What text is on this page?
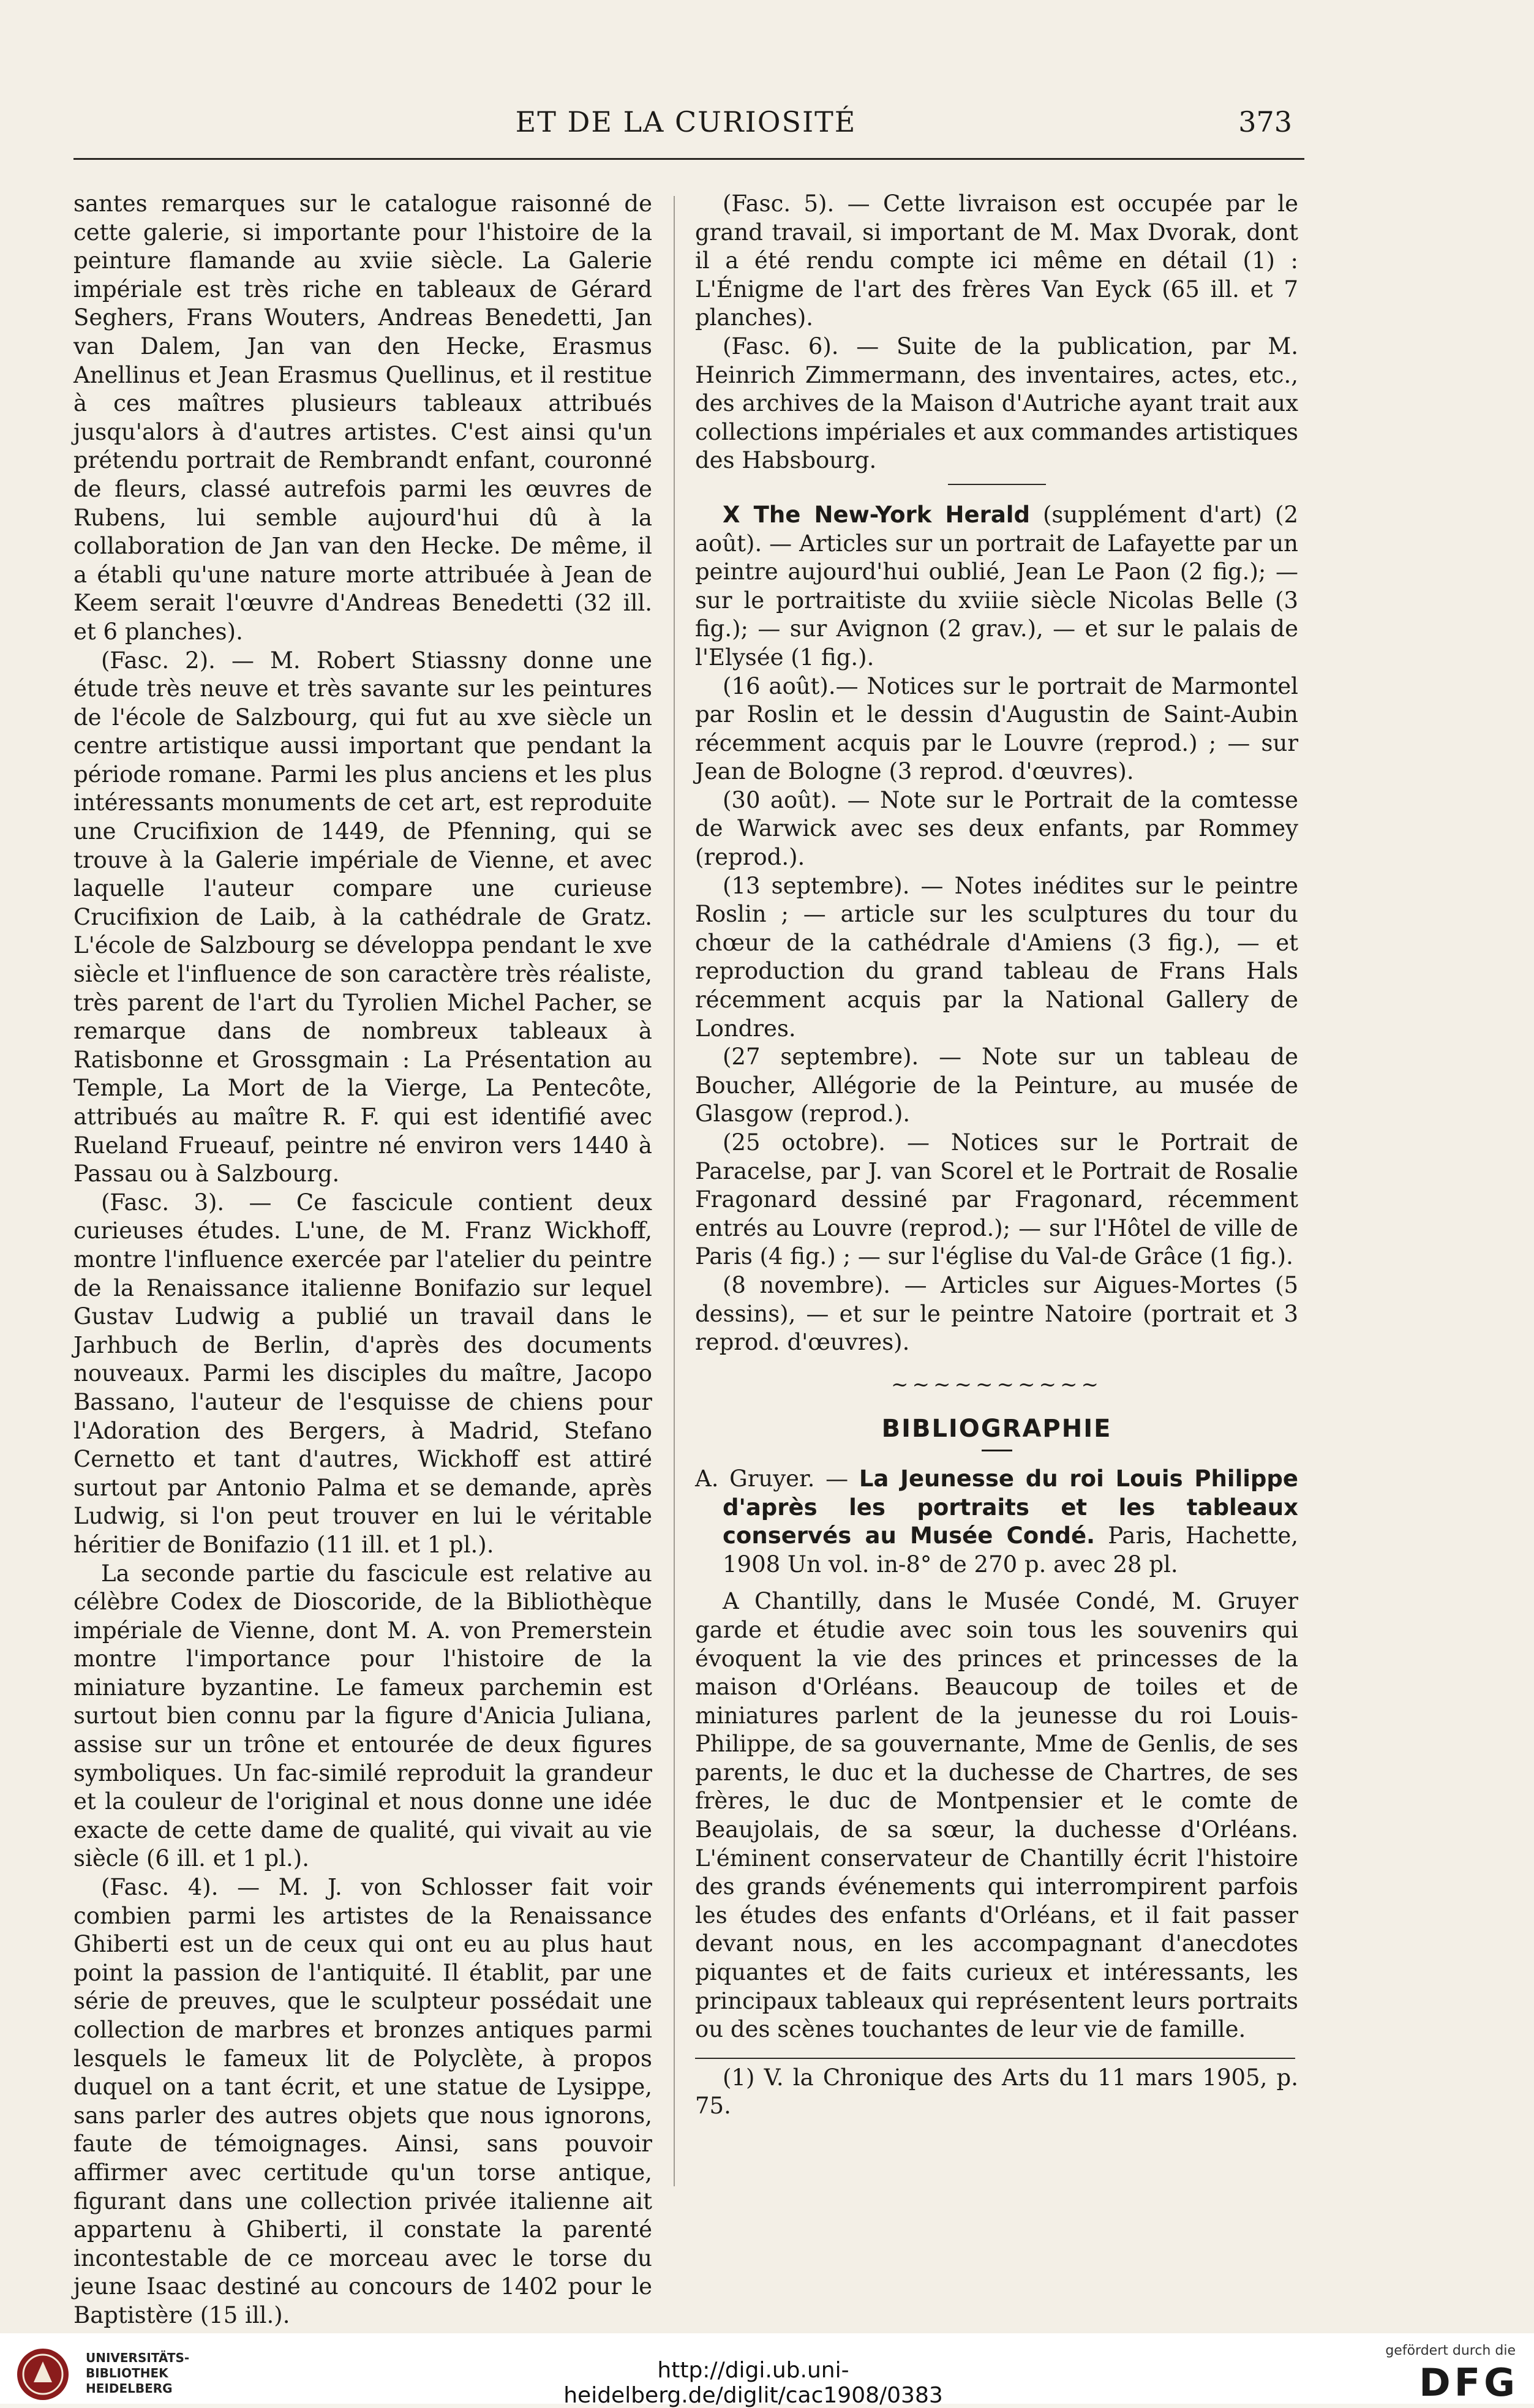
ET DE LA CURIOSITÉ	373

santes remarques sur le catalogue raisonné de cette galerie, si importante pour l'histoire de la peinture flamande au xviie siècle. La Galerie impériale est très riche en tableaux de Gérard Seghers, Frans Wouters, Andreas Benedetti, Jan van Dalem, Jan van den Hecke, Erasmus Anellinus et Jean Erasmus Quellinus, et il restitue à ces maîtres plusieurs tableaux attribués jusqu'alors à d'autres artistes. C'est ainsi qu'un prétendu portrait de Rembrandt enfant, couronné de fleurs, classé autrefois parmi les œuvres de Rubens, lui semble aujourd'hui dû à la collaboration de Jan van den Hecke. De même, il a établi qu'une nature morte attribuée à Jean de Keem serait l'œuvre d'Andreas Benedetti (32 ill. et 6 planches).

(Fasc. 2). — M. Robert Stiassny donne une étude très neuve et très savante sur les peintures de l'école de Salzbourg, qui fut au xve siècle un centre artistique aussi important que pendant la période romane. Parmi les plus anciens et les plus intéressants monuments de cet art, est reproduite une Crucifixion de 1449, de Pfenning, qui se trouve à la Galerie impériale de Vienne, et avec laquelle l'auteur compare une curieuse Crucifixion de Laib, à la cathédrale de Gratz. L'école de Salzbourg se développa pendant le xve siècle et l'influence de son caractère très réaliste, très parent de l'art du Tyrolien Michel Pacher, se remarque dans de nombreux tableaux à Ratisbonne et Grossgmain : La Présentation au Temple, La Mort de la Vierge, La Pentecôte, attribués au maître R. F. qui est identifié avec Rueland Frueauf, peintre né environ vers 1440 à Passau ou à Salzbourg.

(Fasc. 3). — Ce fascicule contient deux curieuses études. L'une, de M. Franz Wickhoff, montre l'influence exercée par l'atelier du peintre de la Renaissance italienne Bonifazio sur lequel Gustav Ludwig a publié un travail dans le Jarhbuch de Berlin, d'après des documents nouveaux. Parmi les disciples du maître, Jacopo Bassano, l'auteur de l'esquisse de chiens pour l'Adoration des Bergers, à Madrid, Stefano Cernetto et tant d'autres, Wickhoff est attiré surtout par Antonio Palma et se demande, après Ludwig, si l'on peut trouver en lui le véritable héritier de Bonifazio (11 ill. et 1 pl.).

La seconde partie du fascicule est relative au célèbre Codex de Dioscoride, de la Bibliothèque impériale de Vienne, dont M. A. von Premerstein montre l'importance pour l'histoire de la miniature byzantine. Le fameux parchemin est surtout bien connu par la figure d'Anicia Juliana, assise sur un trône et entourée de deux figures symboliques. Un fac-similé reproduit la grandeur et la couleur de l'original et nous donne une idée exacte de cette dame de qualité, qui vivait au vie siècle (6 ill. et 1 pl.).

(Fasc. 4). — M. J. von Schlosser fait voir combien parmi les artistes de la Renaissance Ghiberti est un de ceux qui ont eu au plus haut point la passion de l'antiquité. Il établit, par une série de preuves, que le sculpteur possédait une collection de marbres et bronzes antiques parmi lesquels le fameux lit de Polyclète, à propos duquel on a tant écrit, et une statue de Lysippe, sans parler des autres objets que nous ignorons, faute de témoignages. Ainsi, sans pouvoir affirmer avec certitude qu'un torse antique, figurant dans une collection privée italienne ait appartenu à Ghiberti, il constate la parenté incontestable de ce morceau avec le torse du jeune Isaac destiné au concours de 1402 pour le Baptistère (15 ill.).

(Fasc. 5). — Cette livraison est occupée par le grand travail, si important de M. Max Dvorak, dont il a été rendu compte ici même en détail (1) : L'Énigme de l'art des frères Van Eyck (65 ill. et 7 planches).

(Fasc. 6). — Suite de la publication, par M. Heinrich Zimmermann, des inventaires, actes, etc., des archives de la Maison d'Autriche ayant trait aux collections impériales et aux commandes artistiques des Habsbourg.

X The New-York Herald (supplément d'art) (2 août). — Articles sur un portrait de Lafayette par un peintre aujourd'hui oublié, Jean Le Paon (2 fig.); — sur le portraitiste du xviiie siècle Nicolas Belle (3 fig.); — sur Avignon (2 grav.), — et sur le palais de l'Elysée (1 fig.).

(16 août).— Notices sur le portrait de Marmontel par Roslin et le dessin d'Augustin de Saint-Aubin récemment acquis par le Louvre (reprod.) ; — sur Jean de Bologne (3 reprod. d'œuvres).

(30 août). — Note sur le Portrait de la comtesse de Warwick avec ses deux enfants, par Rommey (reprod.).

(13 septembre). — Notes inédites sur le peintre Roslin ; — article sur les sculptures du tour du chœur de la cathédrale d'Amiens (3 fig.), — et reproduction du grand tableau de Frans Hals récemment acquis par la National Gallery de Londres.

(27 septembre). — Note sur un tableau de Boucher, Allégorie de la Peinture, au musée de Glasgow (reprod.).

(25 octobre). — Notices sur le Portrait de Paracelse, par J. van Scorel et le Portrait de Rosalie Fragonard dessiné par Fragonard, récemment entrés au Louvre (reprod.); — sur l'Hôtel de ville de Paris (4 fig.) ; — sur l'église du Val-de Grâce (1 fig.).

(8 novembre). — Articles sur Aigues-Mortes (5 dessins), — et sur le peintre Natoire (portrait et 3 reprod. d'œuvres).

~~~~~~~~~~
BIBLIOGRAPHIE

A. Gruyer. — La Jeunesse du roi Louis Philippe d'après les portraits et les tableaux conservés au Musée Condé. Paris, Hachette, 1908 Un vol. in-8° de 270 p. avec 28 pl.

A Chantilly, dans le Musée Condé, M. Gruyer garde et étudie avec soin tous les souvenirs qui évoquent la vie des princes et princesses de la maison d'Orléans. Beaucoup de toiles et de miniatures parlent de la jeunesse du roi Louis-Philippe, de sa gouvernante, Mme de Genlis, de ses parents, le duc et la duchesse de Chartres, de ses frères, le duc de Montpensier et le comte de Beaujolais, de sa sœur, la duchesse d'Orléans. L'éminent conservateur de Chantilly écrit l'histoire des grands événements qui interrompirent parfois les études des enfants d'Orléans, et il fait passer devant nous, en les accompagnant d'anecdotes piquantes et de faits curieux et intéressants, les principaux tableaux qui représentent leurs portraits ou des scènes touchantes de leur vie de famille.

(1) V. la Chronique des Arts du 11 mars 1905, p. 75.

UNIVERSITÄTS-
BIBLIOTHEK
HEIDELBERG
http://digi.ub.uni-heidelberg.de/diglit/cac1908/0383
gefördert durch die
DFG
